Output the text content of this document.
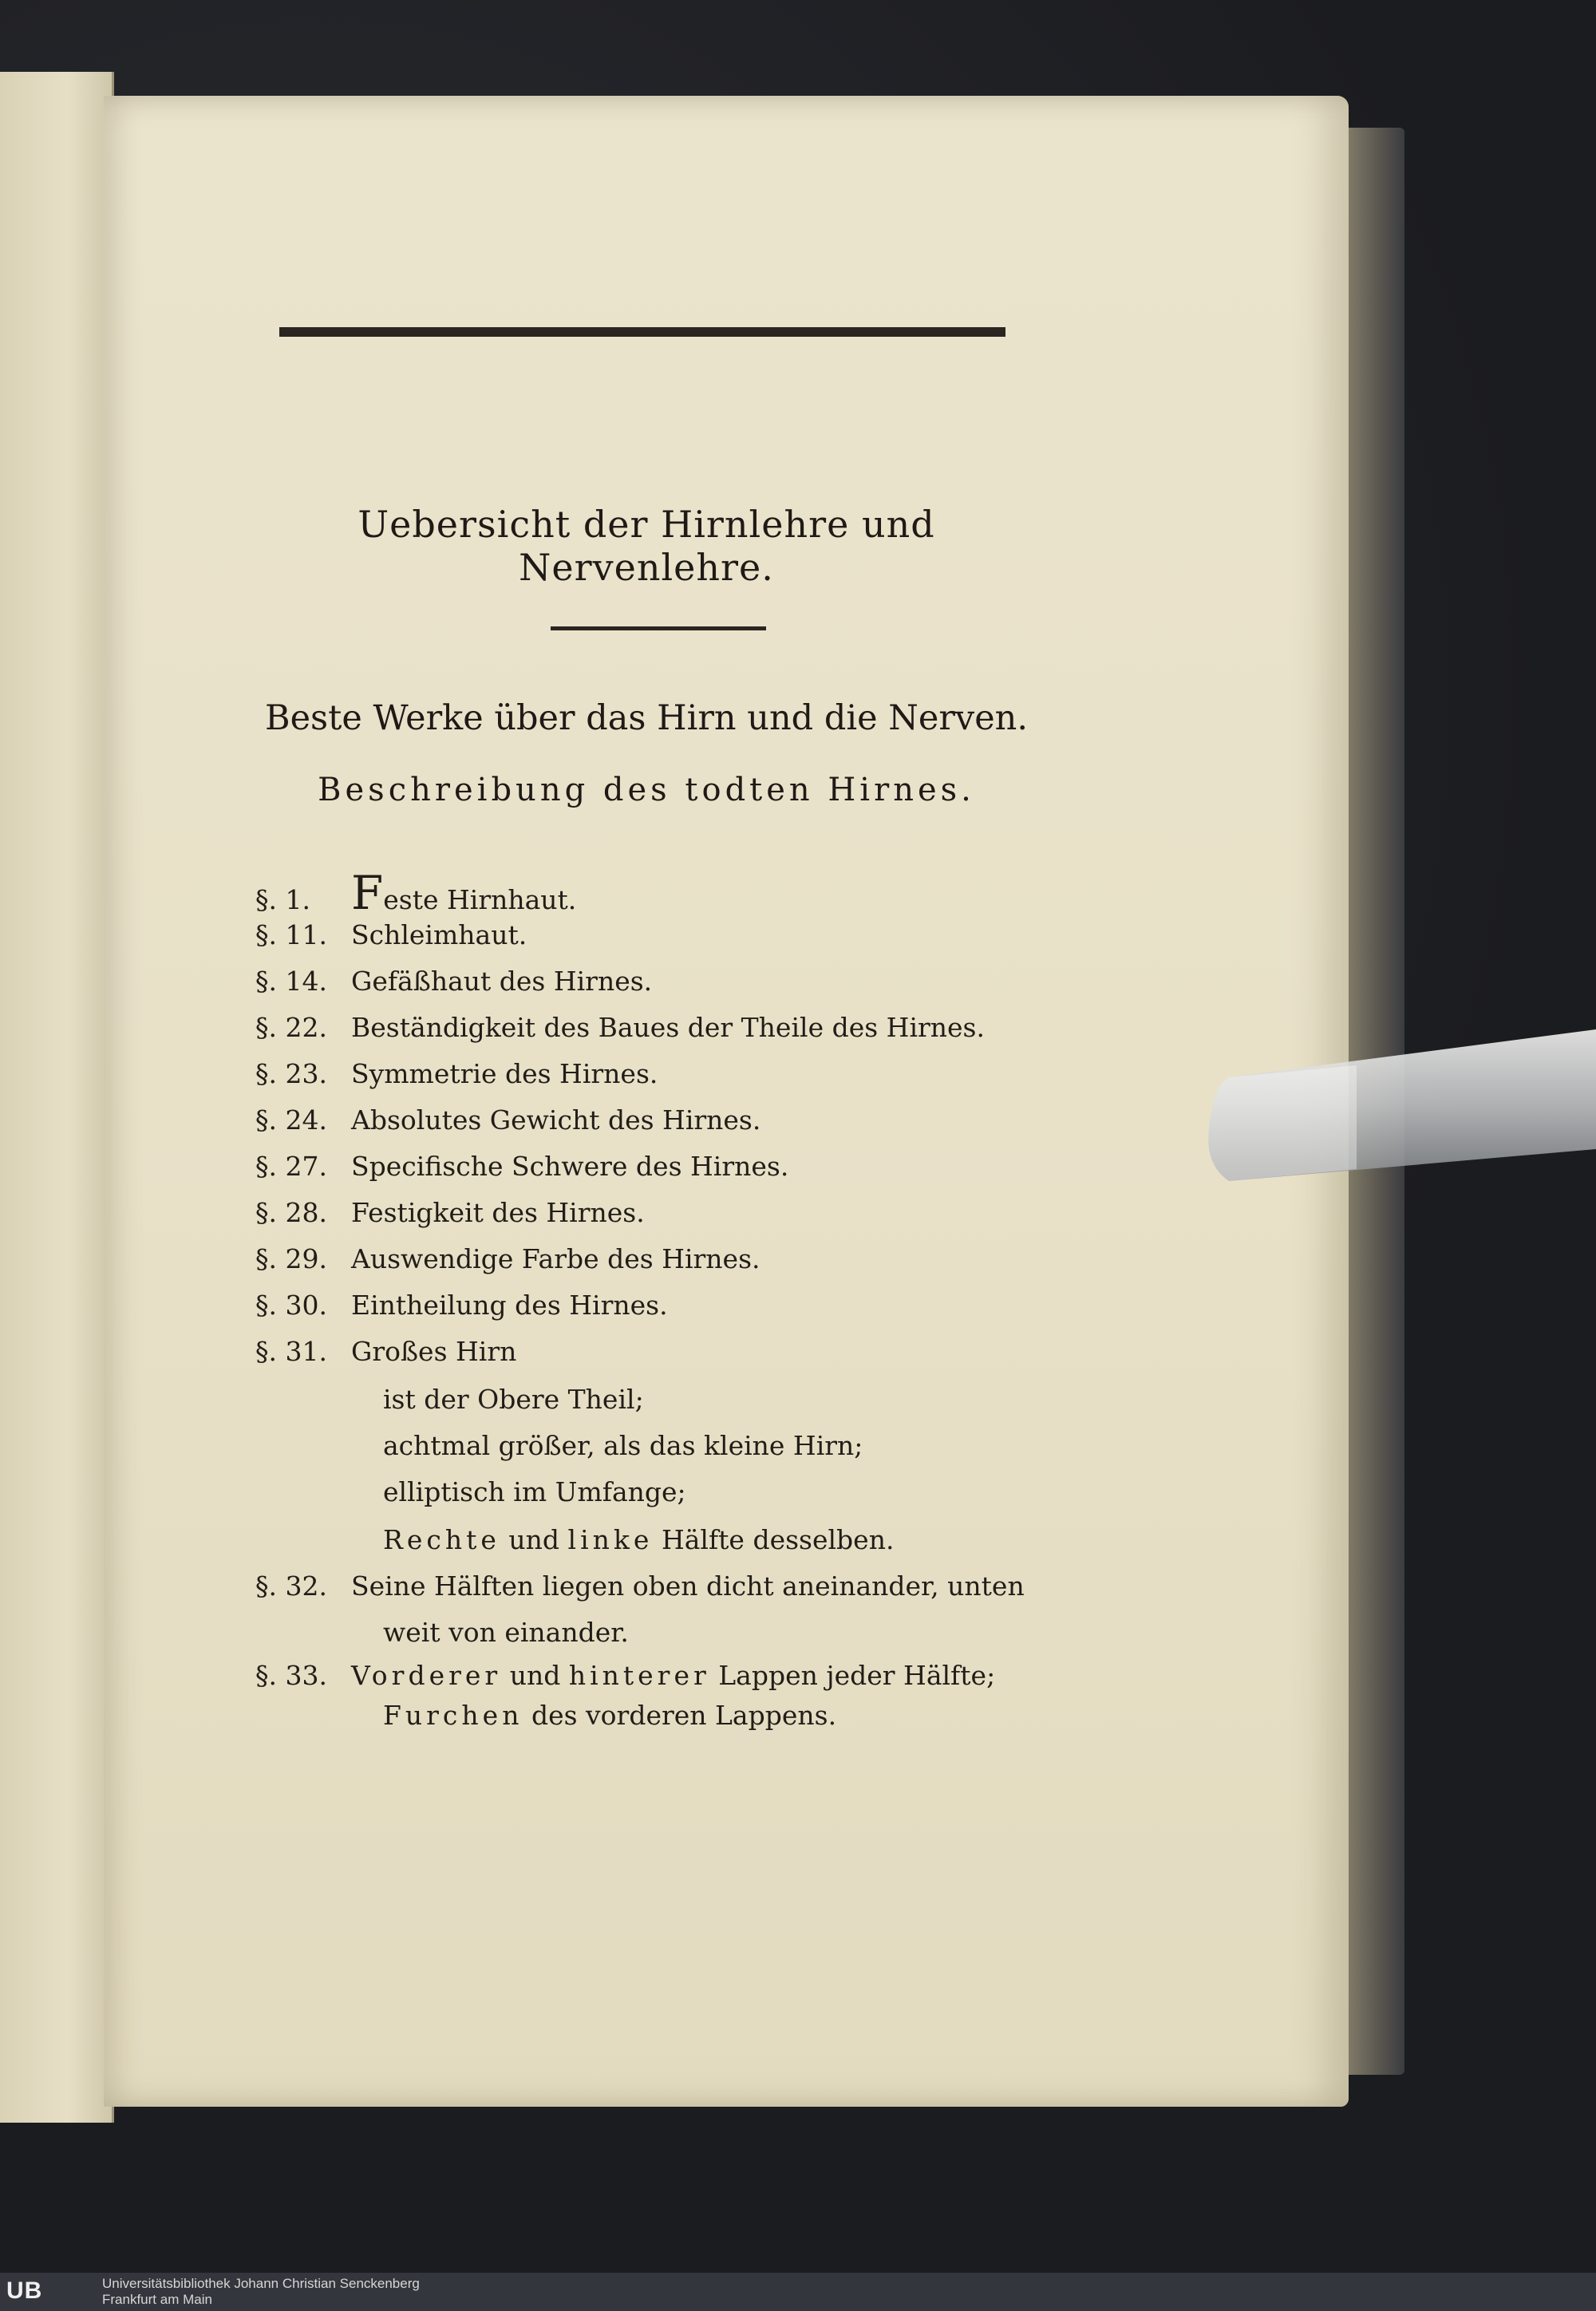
Uebersicht der Hirnlehre und Nervenlehre.
Beste Werke über das Hirn und die Nerven.
Beschreibung des todten Hirnes.
§. 1. Feste Hirnhaut.
§. 11. Schleimhaut.
§. 14. Gefäßhaut des Hirnes.
§. 22. Beständigkeit des Baues der Theile des Hirnes.
§. 23. Symmetrie des Hirnes.
§. 24. Absolutes Gewicht des Hirnes.
§. 27. Specifische Schwere des Hirnes.
§. 28. Festigkeit des Hirnes.
§. 29. Auswendige Farbe des Hirnes.
§. 30. Eintheilung des Hirnes.
§. 31. Großes Hirn
ist der Obere Theil;
achtmal größer, als das kleine Hirn;
elliptisch im Umfange;
Rechte und linke Hälfte desselben.
§. 32. Seine Hälften liegen oben dicht aneinander, unten
weit von einander.
§. 33. Vorderer und hinterer Lappen jeder Hälfte;
Furchen des vorderen Lappens.
UB	Universitätsbibliothek Johann Christian Senckenberg
Frankfurt am Main
